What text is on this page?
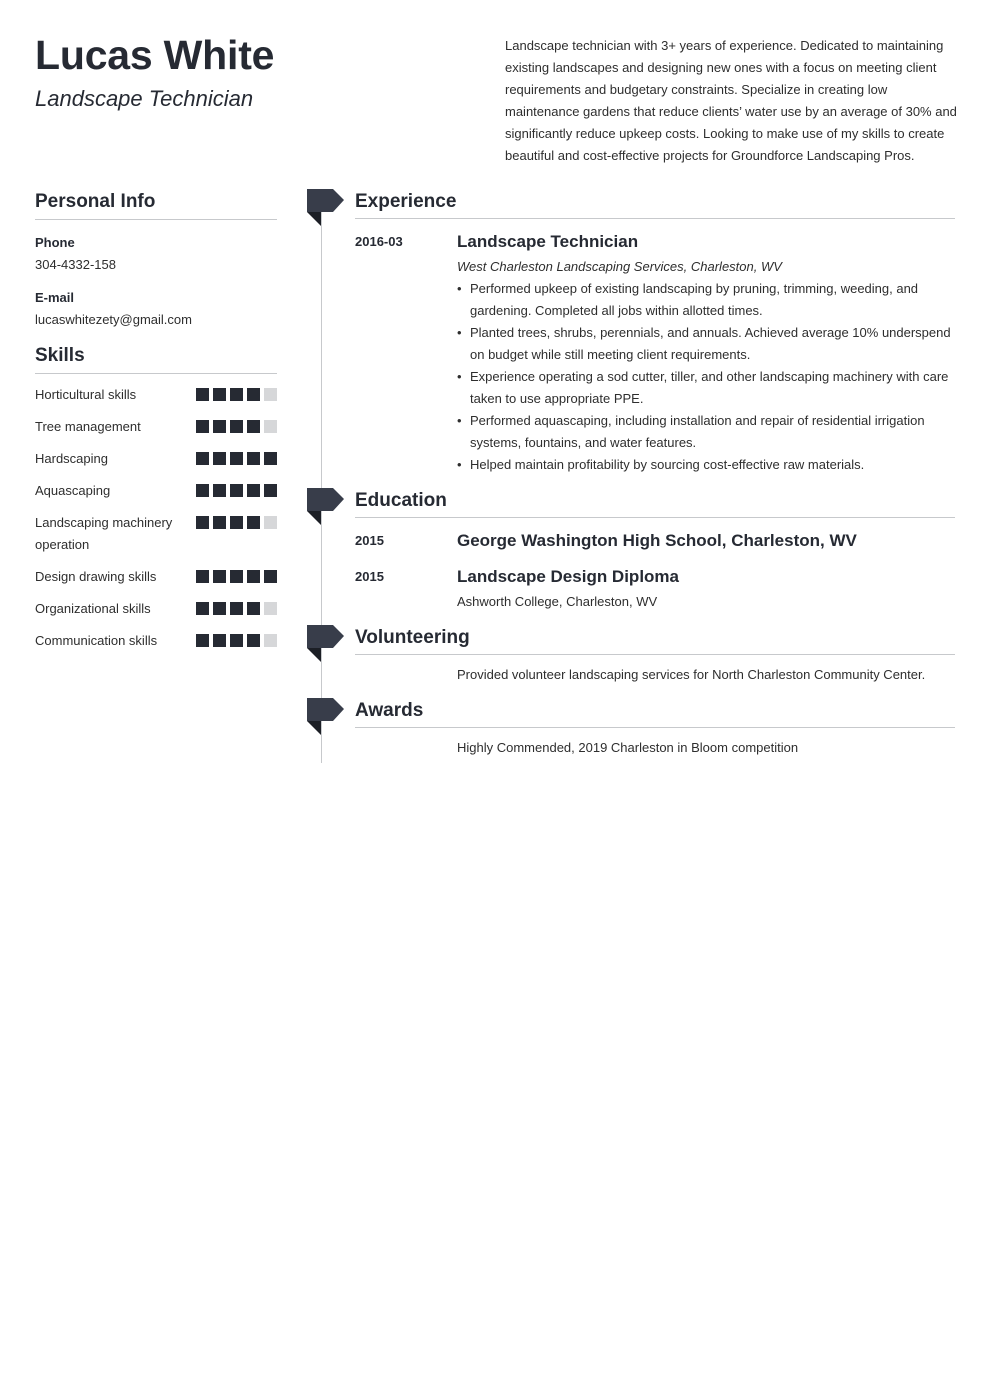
Lucas White
Landscape Technician
Landscape technician with 3+ years of experience. Dedicated to maintaining existing landscapes and designing new ones with a focus on meeting client requirements and budgetary constraints. Specialize in creating low maintenance gardens that reduce clients’ water use by an average of 30% and significantly reduce upkeep costs. Looking to make use of my skills to create beautiful and cost-effective projects for Groundforce Landscaping Pros.
Personal Info
Phone
304-4332-158
E-mail
lucaswhitezety@gmail.com
Skills
Horticultural skills
Tree management
Hardscaping
Aquascaping
Landscaping machinery operation
Design drawing skills
Organizational skills
Communication skills
Experience
2016-03	Landscape Technician
West Charleston Landscaping Services, Charleston, WV
• Performed upkeep of existing landscaping by pruning, trimming, weeding, and gardening. Completed all jobs within allotted times.
• Planted trees, shrubs, perennials, and annuals. Achieved average 10% underspend on budget while still meeting client requirements.
• Experience operating a sod cutter, tiller, and other landscaping machinery with care taken to use appropriate PPE.
• Performed aquascaping, including installation and repair of residential irrigation systems, fountains, and water features.
• Helped maintain profitability by sourcing cost-effective raw materials.
Education
2015	George Washington High School, Charleston, WV
2015	Landscape Design Diploma
Ashworth College, Charleston, WV
Volunteering
Provided volunteer landscaping services for North Charleston Community Center.
Awards
Highly Commended, 2019 Charleston in Bloom competition
